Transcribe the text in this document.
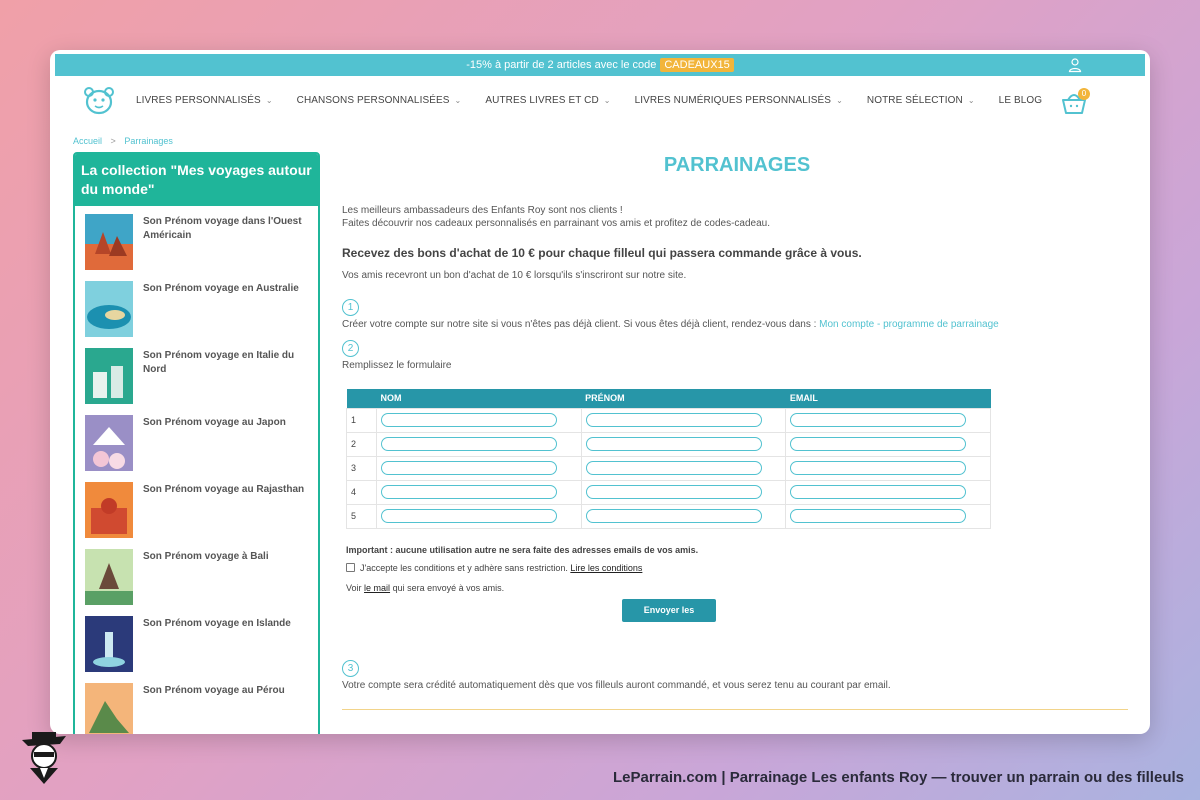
-15% à partir de 2 articles avec le code CADEAUX15
LIVRES PERSONNALISÉS ⌄ CHANSONS PERSONNALISÉES ⌄ AUTRES LIVRES ET CD ⌄ LIVRES NUMÉRIQUES PERSONNALISÉS ⌄ NOTRE SÉLECTION ⌄ LE BLOG
0
Accueil > Parrainages
La collection "Mes voyages autour du monde"
Son Prénom voyage dans l'Ouest Américain
Son Prénom voyage en Australie
Son Prénom voyage en Italie du Nord
Son Prénom voyage au Japon
Son Prénom voyage au Rajasthan
Son Prénom voyage à Bali
Son Prénom voyage en Islande
Son Prénom voyage au Pérou
PARRAINAGES
Les meilleurs ambassadeurs des Enfants Roy sont nos clients !
Faites découvrir nos cadeaux personnalisés en parrainant vos amis et profitez de codes-cadeau.
Recevez des bons d'achat de 10 € pour chaque filleul qui passera commande grâce à vous.
Vos amis recevront un bon d'achat de 10 € lorsqu'ils s'inscriront sur notre site.
1
Créer votre compte sur notre site si vous n'êtes pas déjà client. Si vous êtes déjà client, rendez-vous dans : Mon compte - programme de parrainage
2
Remplissez le formulaire
	NOM	PRÉNOM	EMAIL
1	

2	

3	

4	

5	

Important : aucune utilisation autre ne sera faite des adresses emails de vos amis.
J'accepte les conditions et y adhère sans restriction.
Lire les conditions
Voir le mail qui sera envoyé à vos amis.
Envoyer les invitations
3
Votre compte sera crédité automatiquement dès que vos filleuls auront commandé, et vous serez tenu au courant par email.
LeParrain.com | Parrainage Les enfants Roy — trouver un parrain ou des filleuls
